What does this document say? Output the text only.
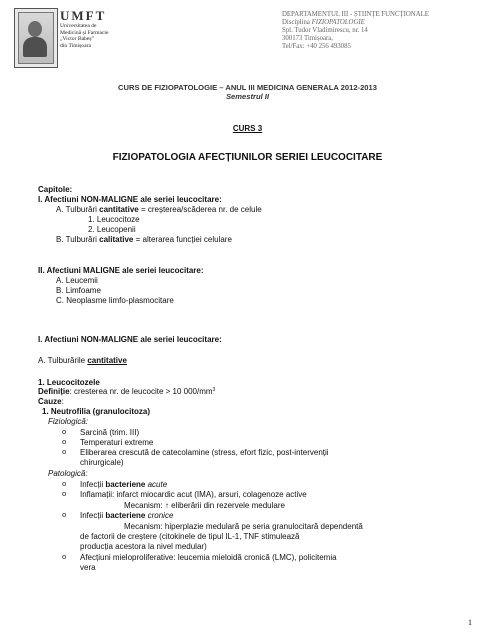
UMFT
Universitatea de
Medicină și Farmacie
„Victor Babeș”
din Timișoara
DEPARTAMENTUL III - ȘTIINȚE FUNCȚIONALE
Disciplina FIZIOPATOLOGIE
Spl. Tudor Vladimirescu, nr. 14
300173 Timișoara,
Tel/Fax: +40 256 493085
CURS DE FIZIOPATOLOGIE – ANUL III MEDICINA GENERALA 2012-2013
Semestrul II
CURS 3
FIZIOPATOLOGIA AFECȚIUNILOR SERIEI LEUCOCITARE
Capitole:
I. Afectiuni NON-MALIGNE ale seriei leucocitare:
A. Tulburări cantitative = creșterea/scăderea nr. de celule
1. Leucocitoze
2. Leucopenii
B. Tulburări calitative = alterarea funcției celulare
II. Afectiuni MALIGNE ale seriei leucocitare:
A. Leucemii
B. Limfoame
C. Neoplasme limfo-plasmocitare
I. Afectiuni NON-MALIGNE ale seriei leucocitare:
A. Tulburările cantitative
1. Leucocitozele
Definiție: cresterea nr. de leucocite > 10 $000/mm^3$
Cauze:
1. Neutrofilia (granulocitoza)
Fiziologică:
o Sarcină (trim. III)
o Temperaturi extreme
o Eliberarea crescută de catecolamine (stress, efort fizic, post-intervenții
chirurgicale)
Patologică:
o Infecții bacteriene acute
o Inflamații: infarct miocardic acut (IMA), arsuri, colagenoze active
Mecanism: ↑ eliberării din rezervele medulare
o Infecții bacteriene cronice
Mecanism: hiperplazie medulară pe seria granulocitară dependentă
de factorii de creștere (citokinele de tipul IL-1, TNF stimulează
producția acestora la nivel medular)
o Afecțiuni mieloproliferative: leucemia mieloidă cronică (LMC), policitemia
vera
1
